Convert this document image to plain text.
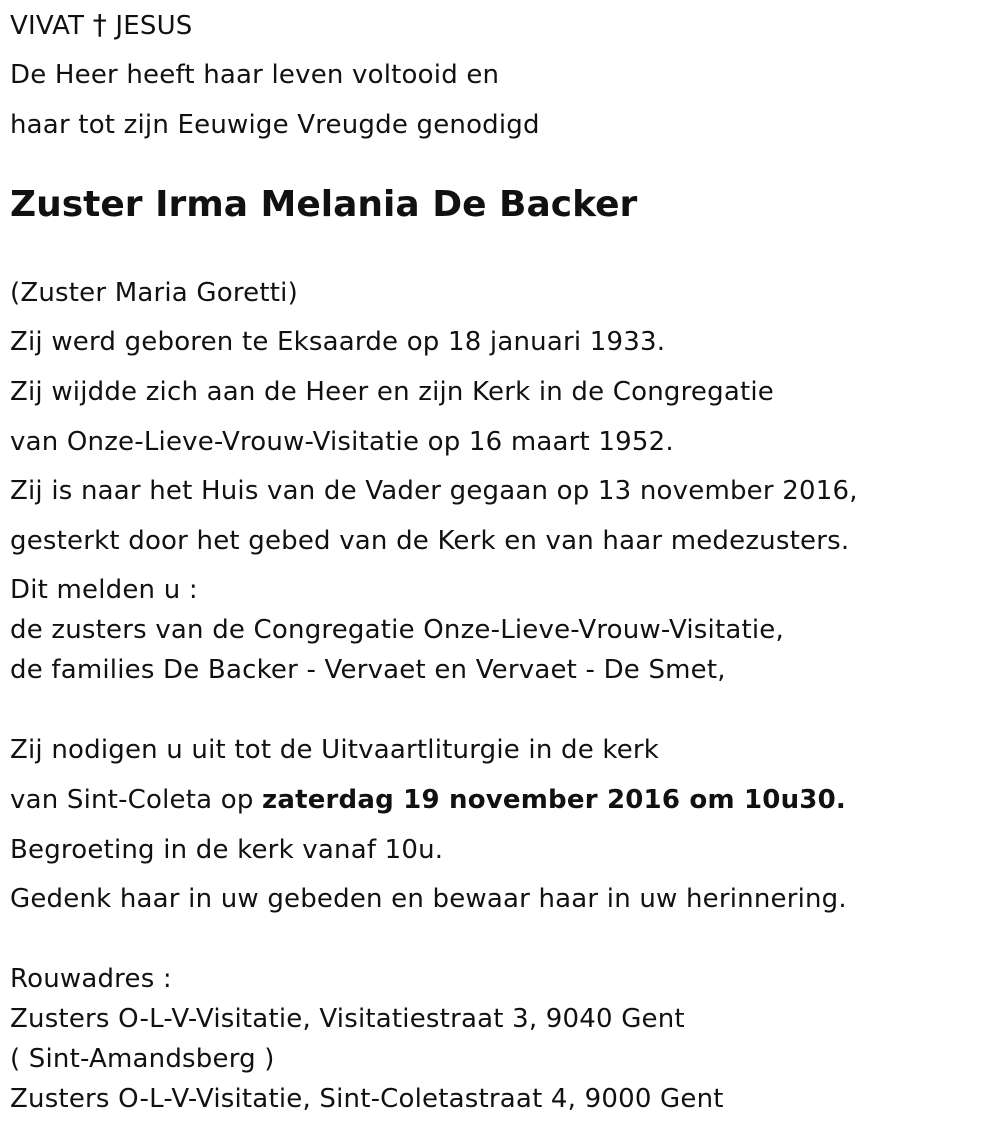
VIVAT † JESUS
De Heer heeft haar leven voltooid en
haar tot zijn Eeuwige Vreugde genodigd
Zuster Irma Melania De Backer
(Zuster Maria Goretti)
Zij werd geboren te Eksaarde op 18 januari 1933.
Zij wijdde zich aan de Heer en zijn Kerk in de Congregatie
van Onze-Lieve-Vrouw-Visitatie op 16 maart 1952.
Zij is naar het Huis van de Vader gegaan op 13 november 2016,
gesterkt door het gebed van de Kerk en van haar medezusters.
Dit melden u :
de zusters van de Congregatie Onze-Lieve-Vrouw-Visitatie,
de families De Backer - Vervaet en Vervaet - De Smet,
Zij nodigen u uit tot de Uitvaartliturgie in de kerk
van Sint-Coleta op zaterdag 19 november 2016 om 10u30.
Begroeting in de kerk vanaf 10u.
Gedenk haar in uw gebeden en bewaar haar in uw herinnering.
Rouwadres :
Zusters O-L-V-Visitatie, Visitatiestraat 3, 9040 Gent
( Sint-Amandsberg )
Zusters O-L-V-Visitatie, Sint-Coletastraat 4, 9000 Gent
